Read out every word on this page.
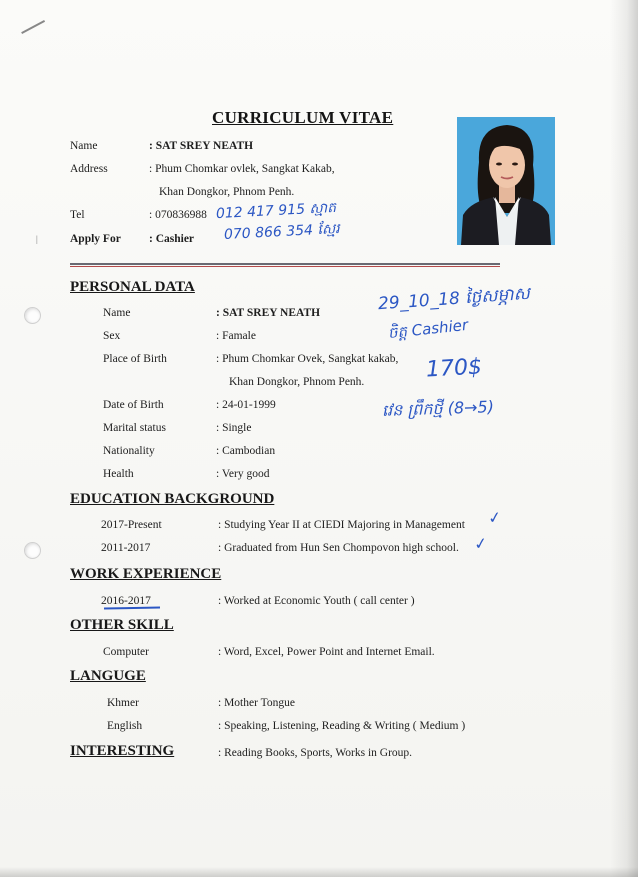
|
CURRICULUM VITAE
Name	: SAT SREY NEATH
Address	: Phum Chomkar ovlek, Sangkat Kakab,
Khan Dongkor, Phnom Penh.
Tel	: 070836988
Apply For : Cashier
012 417 915 ស្មាត
070 866 354 ស្មែរ
PERSONAL DATA
Name	: SAT SREY NEATH
Sex	: Famale
Place of Birth	: Phum Chomkar Ovek, Sangkat kakab,
Khan Dongkor, Phnom Penh.
Date of Birth	: 24-01-1999
Marital status	: Single
Nationality	: Cambodian
Health	: Very good
29_10_18 ថ្ងៃសម្ភាស
ចិត្ត Cashier
170$
វេន ព្រឹកថ្មី (8→5)
EDUCATION BACKGROUND
2017-Present	: Studying Year II at CIEDI Majoring in Management ✓
2011-2017	: Graduated from Hun Sen Chompovon high school. ✓
WORK EXPERIENCE
2016-2017	: Worked at Economic Youth ( call center )
OTHER SKILL
Computer	: Word, Excel, Power Point and Internet Email.
LANGUGE
Khmer	: Mother Tongue
English	: Speaking, Listening, Reading & Writing ( Medium )
INTERESTING	: Reading Books, Sports, Works in Group.
